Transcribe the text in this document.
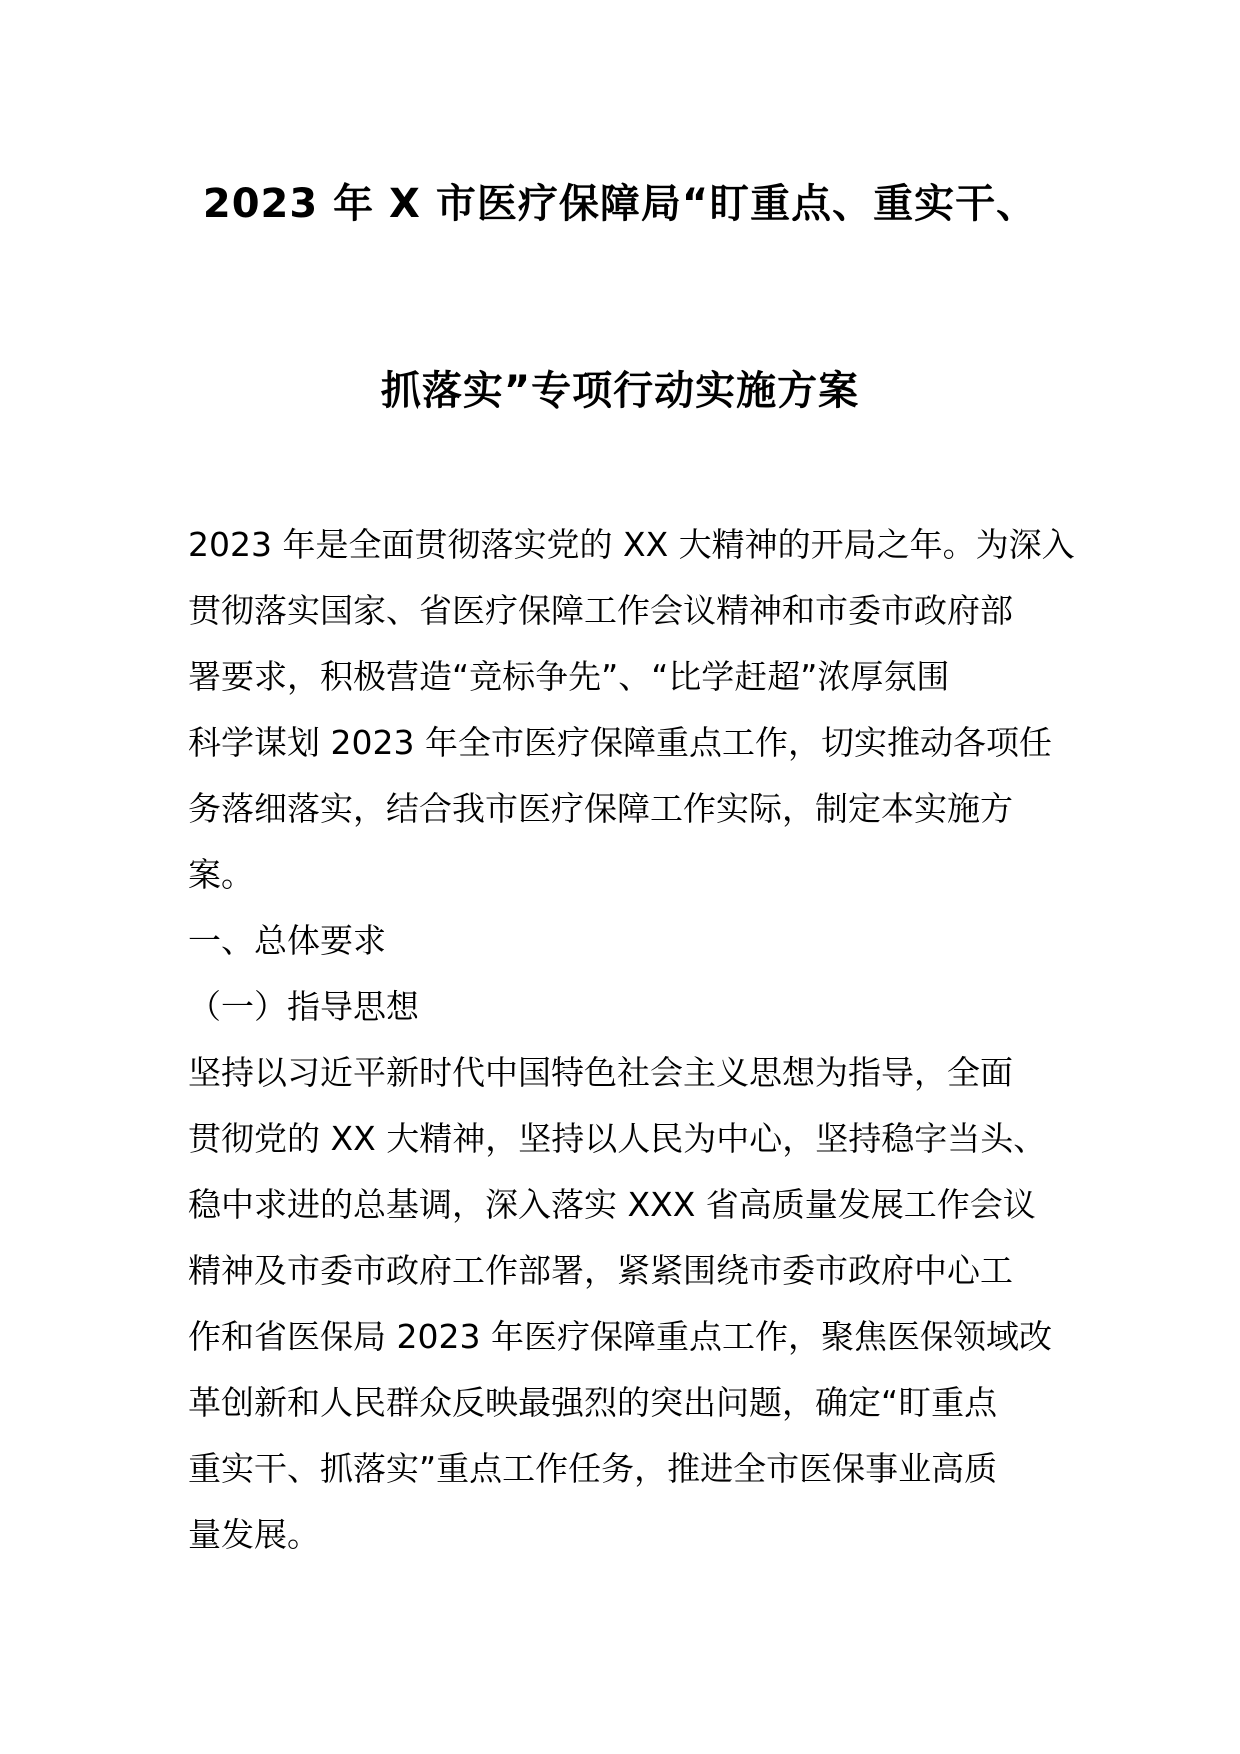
2023 年 X 市医疗保障局“盯重点、重实干、
抓落实”专项行动实施方案
2023 年是全面贯彻落实党的 XX 大精神的开局之年。为深入
贯彻落实国家、省医疗保障工作会议精神和市委市政府部
署要求，积极营造“竞标争先”、“比学赶超”浓厚氛围
科学谋划 2023 年全市医疗保障重点工作，切实推动各项任
务落细落实，结合我市医疗保障工作实际，制定本实施方
案。
一、总体要求
（一）指导思想
坚持以习近平新时代中国特色社会主义思想为指导，全面
贯彻党的 XX 大精神，坚持以人民为中心，坚持稳字当头、
稳中求进的总基调，深入落实 XXX 省高质量发展工作会议
精神及市委市政府工作部署，紧紧围绕市委市政府中心工
作和省医保局 2023 年医疗保障重点工作，聚焦医保领域改
革创新和人民群众反映最强烈的突出问题，确定“盯重点
重实干、抓落实”重点工作任务，推进全市医保事业高质
量发展。
